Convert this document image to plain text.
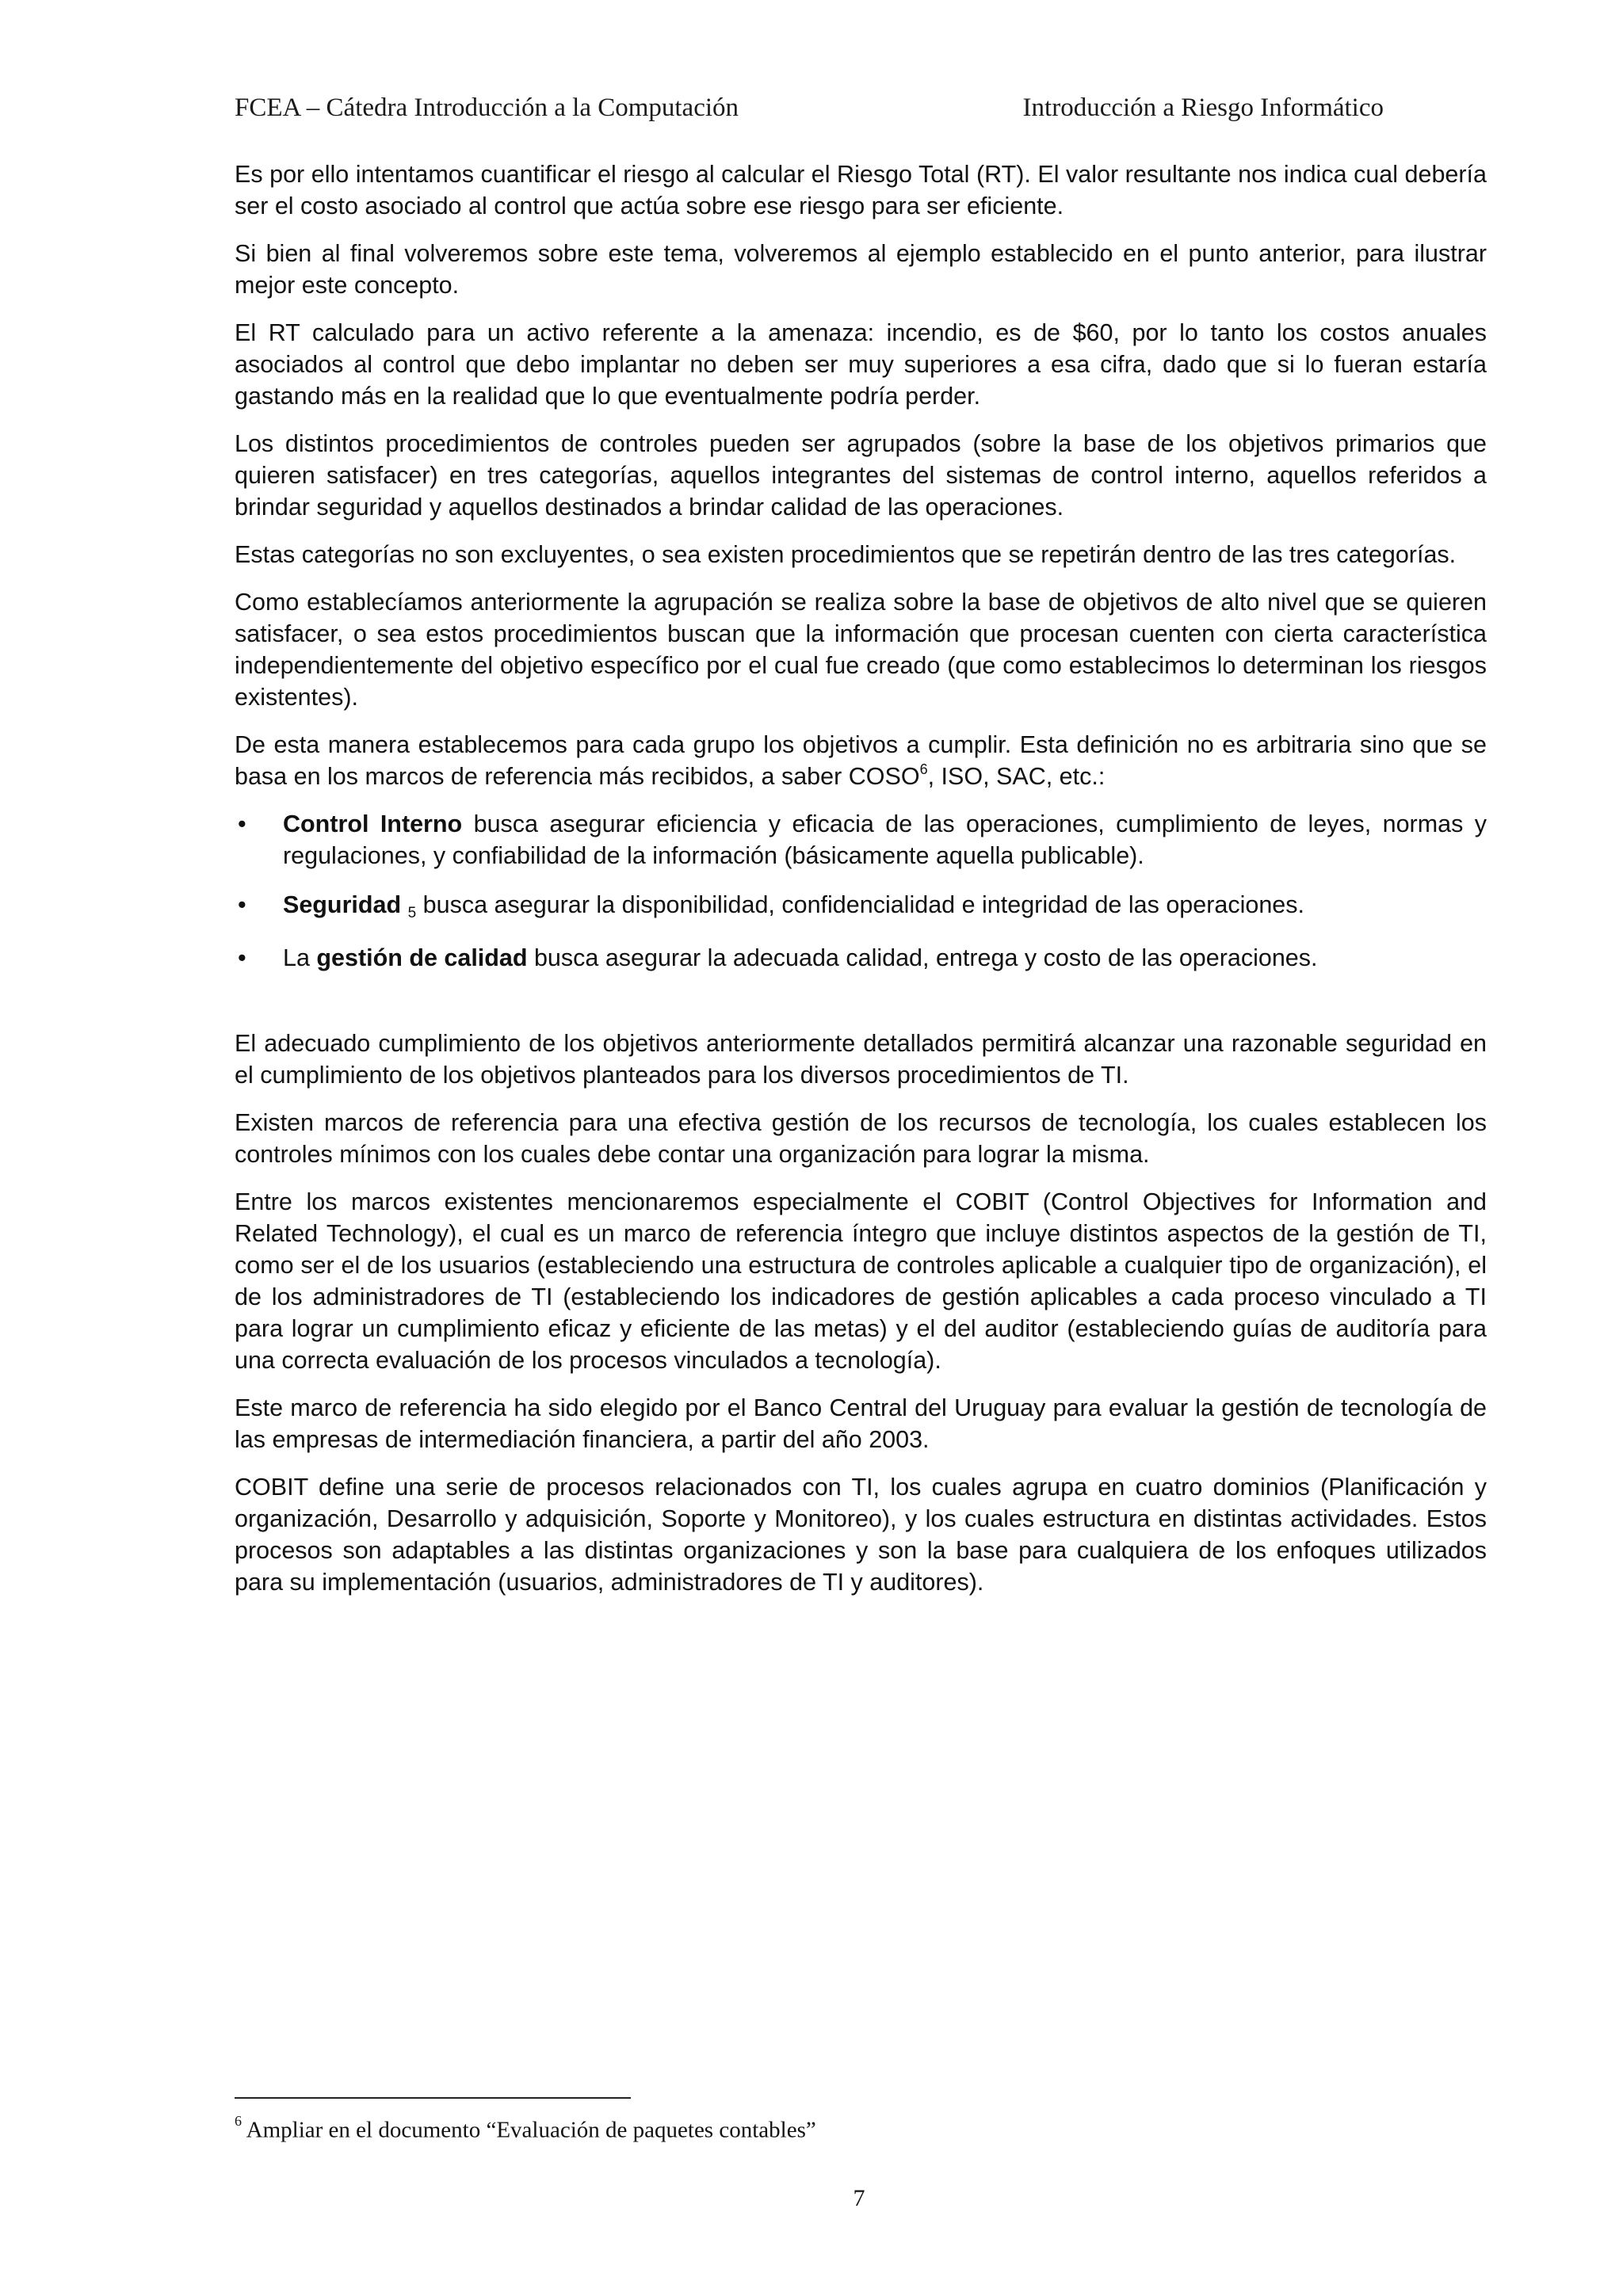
FCEA – Cátedra Introducción a la Computación	Introducción a Riesgo Informático

Es por ello intentamos cuantificar el riesgo al calcular el Riesgo Total (RT). El valor resultante nos indica cual debería ser el costo asociado al control que actúa sobre ese riesgo para ser eficiente.

Si bien al final volveremos sobre este tema, volveremos al ejemplo establecido en el punto anterior, para ilustrar mejor este concepto.

El RT calculado para un activo referente a la amenaza: incendio, es de $60, por lo tanto los costos anuales asociados al control que debo implantar no deben ser muy superiores a esa cifra, dado que si lo fueran estaría gastando más en la realidad que lo que eventualmente podría perder.

Los distintos procedimientos de controles pueden ser agrupados (sobre la base de los objetivos primarios que quieren satisfacer) en tres categorías, aquellos integrantes del sistemas de control interno, aquellos referidos a brindar seguridad y aquellos destinados a brindar calidad de las operaciones.

Estas categorías no son excluyentes, o sea existen procedimientos que se repetirán dentro de las tres categorías.

Como establecíamos anteriormente la agrupación se realiza sobre la base de objetivos de alto nivel que se quieren satisfacer, o sea estos procedimientos buscan que la información que procesan cuenten con cierta característica independientemente del objetivo específico por el cual fue creado (que como establecimos lo determinan los riesgos existentes).

De esta manera establecemos para cada grupo los objetivos a cumplir. Esta definición no es arbitraria sino que se basa en los marcos de referencia más recibidos, a saber COSO$^6$, ISO, SAC, etc.:

• Control Interno busca asegurar eficiencia y eficacia de las operaciones, cumplimiento de leyes, normas y regulaciones, y confiabilidad de la información (básicamente aquella publicable).
• Seguridad 5 busca asegurar la disponibilidad, confidencialidad e integridad de las operaciones.
• La gestión de calidad busca asegurar la adecuada calidad, entrega y costo de las operaciones.

El adecuado cumplimiento de los objetivos anteriormente detallados permitirá alcanzar una razonable seguridad en el cumplimiento de los objetivos planteados para los diversos procedimientos de TI.

Existen marcos de referencia para una efectiva gestión de los recursos de tecnología, los cuales establecen los controles mínimos con los cuales debe contar una organización para lograr la misma.

Entre los marcos existentes mencionaremos especialmente el COBIT (Control Objectives for Information and Related Technology), el cual es un marco de referencia íntegro que incluye distintos aspectos de la gestión de TI, como ser el de los usuarios (estableciendo una estructura de controles aplicable a cualquier tipo de organización), el de los administradores de TI (estableciendo los indicadores de gestión aplicables a cada proceso vinculado a TI para lograr un cumplimiento eficaz y eficiente de las metas) y el del auditor (estableciendo guías de auditoría para una correcta evaluación de los procesos vinculados a tecnología).

Este marco de referencia ha sido elegido por el Banco Central del Uruguay para evaluar la gestión de tecnología de las empresas de intermediación financiera, a partir del año 2003.

COBIT define una serie de procesos relacionados con TI, los cuales agrupa en cuatro dominios (Planificación y organización, Desarrollo y adquisición, Soporte y Monitoreo), y los cuales estructura en distintas actividades. Estos procesos son adaptables a las distintas organizaciones y son la base para cualquiera de los enfoques utilizados para su implementación (usuarios, administradores de TI y auditores).

$^6$ Ampliar en el documento “Evaluación de paquetes contables”
7
